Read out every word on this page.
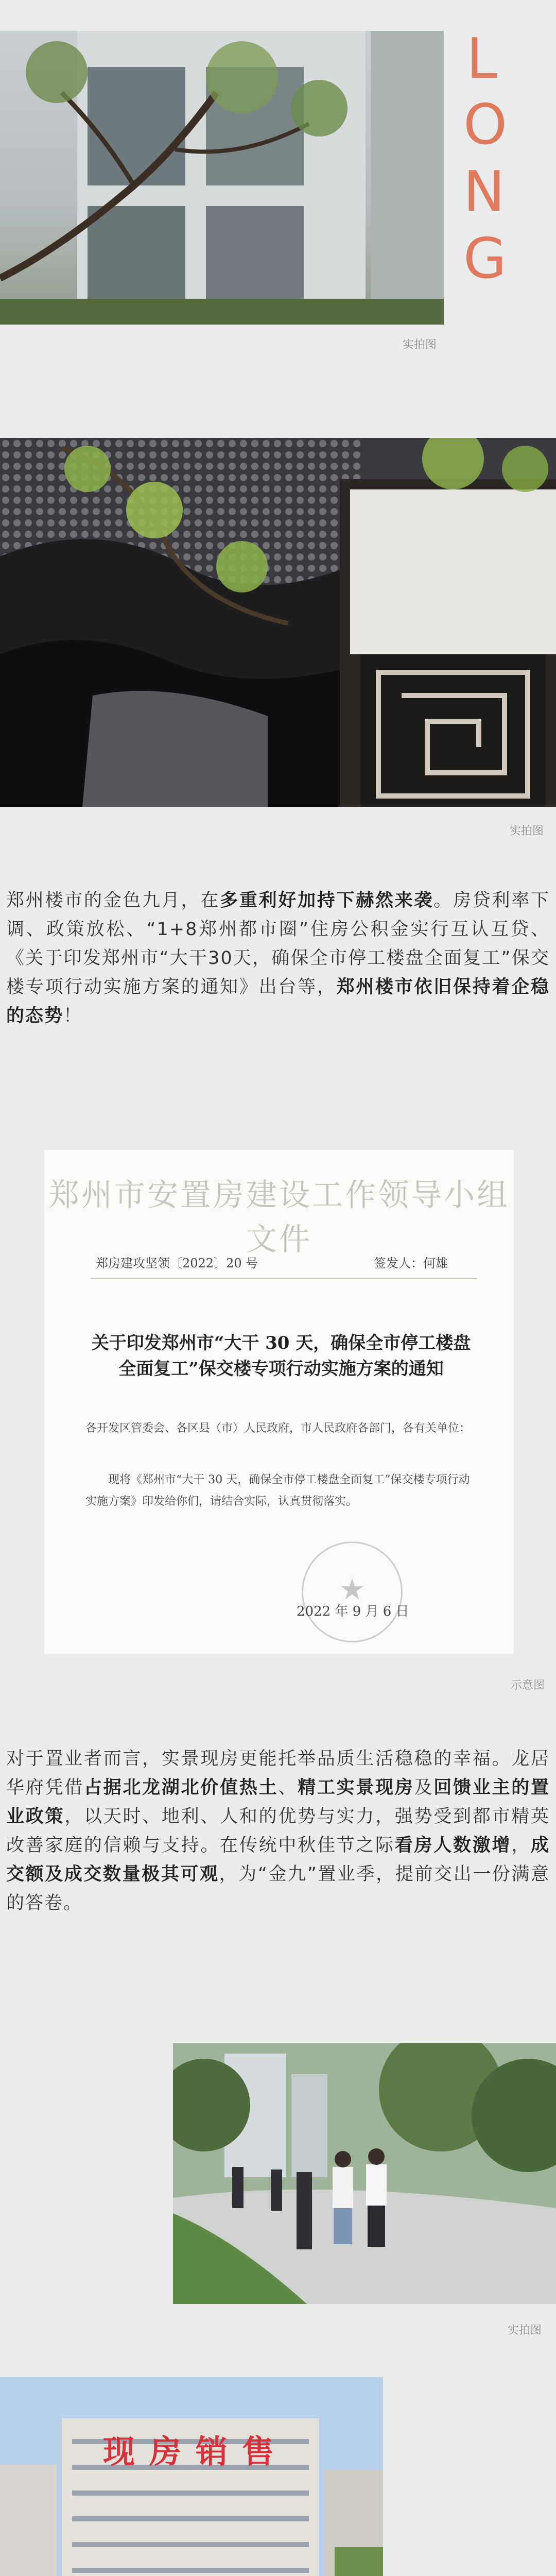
L
O
N
G
实拍图
实拍图
郑州楼市的金色九月，在多重利好加持下赫然来袭。房贷利率下调、政策放松、“1+8郑州都市圈”住房公积金实行互认互贷、《关于印发郑州市“大干30天，确保全市停工楼盘全面复工”保交楼专项行动实施方案的通知》出台等，郑州楼市依旧保持着企稳的态势！
郑州市安置房建设工作领导小组文件
郑房建攻坚领〔2022〕20 号	签发人：何雄
关于印发郑州市“大干 30 天，确保全市停工楼盘全面复工”保交楼专项行动实施方案的通知
各开发区管委会、各区县（市）人民政府，市人民政府各部门，各有关单位：
现将《郑州市“大干 30 天，确保全市停工楼盘全面复工”保交楼专项行动实施方案》印发给你们，请结合实际，认真贯彻落实。
★
2022 年 9 月 6 日
示意图
对于置业者而言，实景现房更能托举品质生活稳稳的幸福。龙居华府凭借占据北龙湖北价值热土、精工实景现房及回馈业主的置业政策，以天时、地利、人和的优势与实力，强势受到都市精英改善家庭的信赖与支持。在传统中秋佳节之际看房人数激增，成交额及成交数量极其可观，为“金九”置业季，提前交出一份满意的答卷。
实拍图
现房销售
